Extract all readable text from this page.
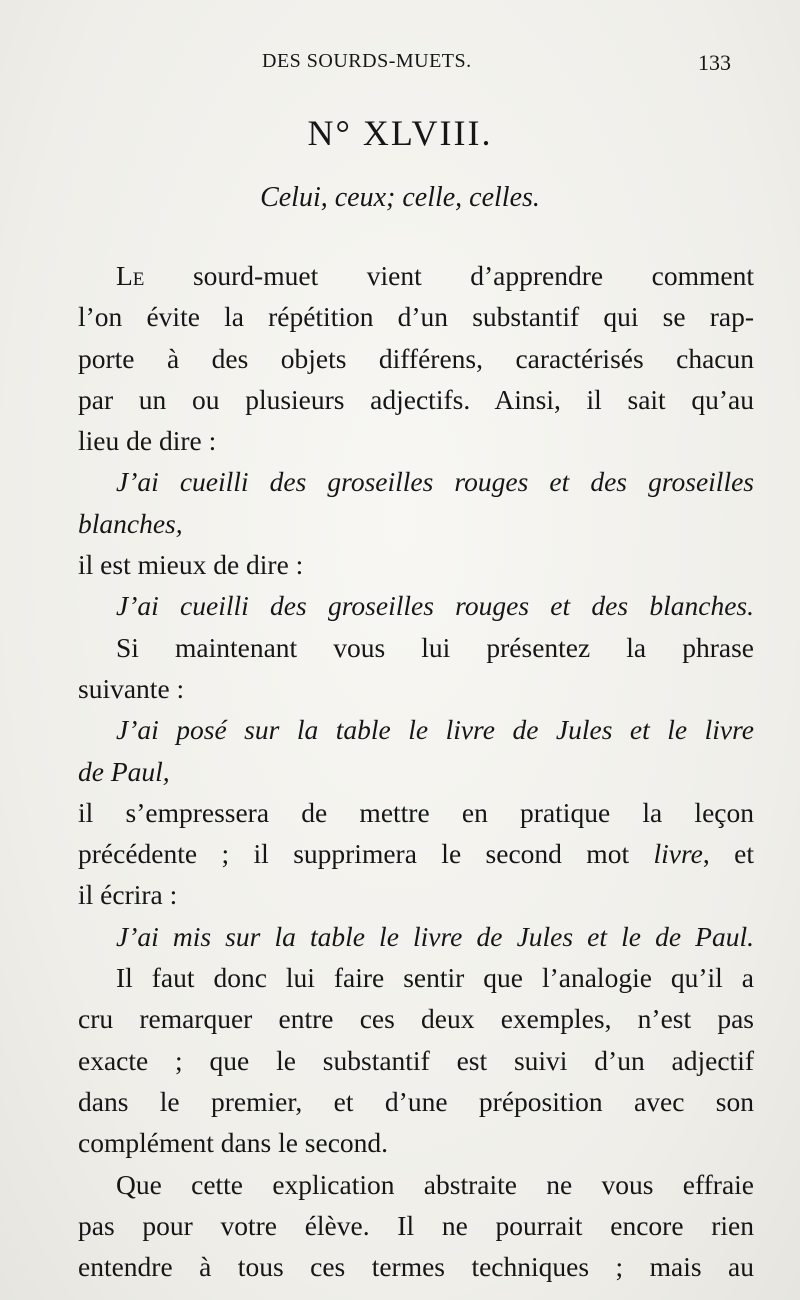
DES SOURDS-MUETS.	133
N° XLVIII.
Celui, ceux; celle, celles.
Le sourd-muet vient d’apprendre comment
l’on évite la répétition d’un substantif qui se rap-
porte à des objets différens, caractérisés chacun
par un ou plusieurs adjectifs. Ainsi, il sait qu’au
lieu de dire :
J’ai cueilli des groseilles rouges et des groseilles
blanches,
il est mieux de dire :
J’ai cueilli des groseilles rouges et des blanches.
Si maintenant vous lui présentez la phrase
suivante :
J’ai posé sur la table le livre de Jules et le livre
de Paul,
il s’empressera de mettre en pratique la leçon
précédente ; il supprimera le second mot livre, et
il écrira :
J’ai mis sur la table le livre de Jules et le de Paul.
Il faut donc lui faire sentir que l’analogie qu’il a
cru remarquer entre ces deux exemples, n’est pas
exacte ; que le substantif est suivi d’un adjectif
dans le premier, et d’une préposition avec son
complément dans le second.
Que cette explication abstraite ne vous effraie
pas pour votre élève. Il ne pourrait encore rien
entendre à tous ces termes techniques ; mais au
